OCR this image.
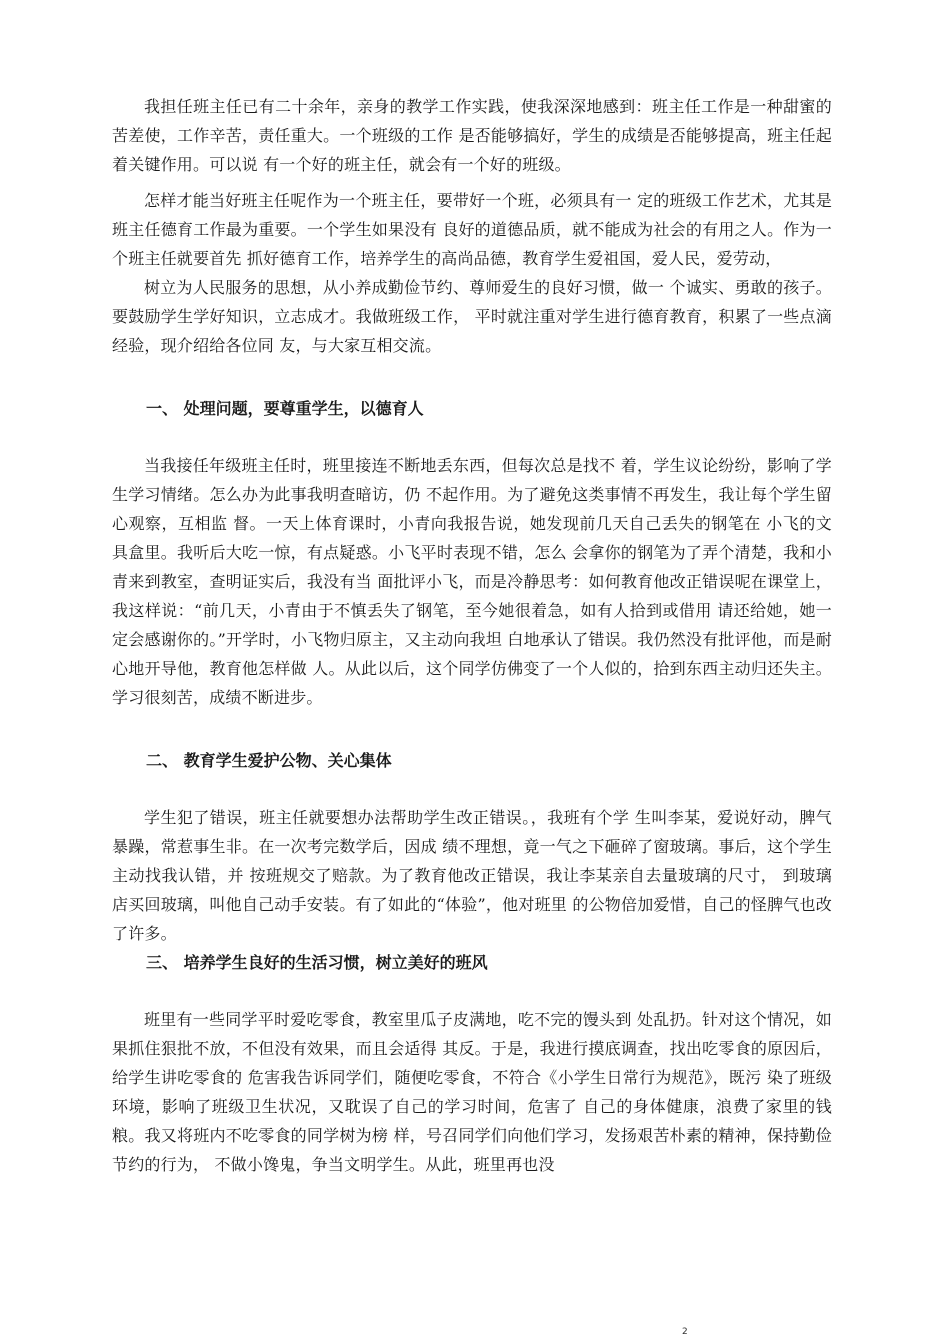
我担任班主任已有二十余年，亲身的教学工作实践，使我深深地感到：班主任工作是一种甜蜜的苦差使，工作辛苦，责任重大。一个班级的工作 是否能够搞好，学生的成绩是否能够提高，班主任起着关键作用。可以说 有一个好的班主任，就会有一个好的班级。

怎样才能当好班主任呢作为一个班主任，要带好一个班，必须具有一 定的班级工作艺术，尤其是班主任德育工作最为重要。一个学生如果没有 良好的道德品质，就不能成为社会的有用之人。作为一个班主任就要首先 抓好德育工作，培养学生的高尚品德，教育学生爱祖国，爱人民，爱劳动，

树立为人民服务的思想，从小养成勤俭节约、尊师爱生的良好习惯，做一 个诚实、勇敢的孩子。要鼓励学生学好知识，立志成才。我做班级工作， 平时就注重对学生进行德育教育，积累了一些点滴经验，现介绍给各位同 友，与大家互相交流。

一、 处理问题，要尊重学生，以德育人

当我接任年级班主任时，班里接连不断地丢东西，但每次总是找不 着，学生议论纷纷，影响了学生学习情绪。怎么办为此事我明查暗访，仍 不起作用。为了避免这类事情不再发生，我让每个学生留心观察，互相监 督。一天上体育课时，小青向我报告说，她发现前几天自己丢失的钢笔在 小飞的文具盒里。我听后大吃一惊，有点疑惑。小飞平时表现不错，怎么 会拿你的钢笔为了弄个清楚，我和小青来到教室，查明证实后，我没有当 面批评小飞，而是冷静思考：如何教育他改正错误呢在课堂上，我这样说：“前几天，小青由于不慎丢失了钢笔，至今她很着急，如有人拾到或借用 请还给她，她一定会感谢你的。”开学时，小飞物归原主，又主动向我坦 白地承认了错误。我仍然没有批评他，而是耐心地开导他，教育他怎样做 人。从此以后，这个同学仿佛变了一个人似的，拾到东西主动归还失主。 学习很刻苦，成绩不断进步。

二、 教育学生爱护公物、关心集体

学生犯了错误，班主任就要想办法帮助学生改正错误。，我班有个学 生叫李某，爱说好动，脾气暴躁，常惹事生非。在一次考完数学后，因成 绩不理想，竟一气之下砸碎了窗玻璃。事后，这个学生主动找我认错，并 按班规交了赔款。为了教育他改正错误，我让李某亲自去量玻璃的尺寸， 到玻璃店买回玻璃，叫他自己动手安装。有了如此的“体验”，他对班里 的公物倍加爱惜，自己的怪脾气也改了许多。

三、 培养学生良好的生活习惯，树立美好的班风

班里有一些同学平时爱吃零食，教室里瓜子皮满地，吃不完的馒头到 处乱扔。针对这个情况，如果抓住狠批不放，不但没有效果，而且会适得 其反。于是，我进行摸底调查，找出吃零食的原因后，给学生讲吃零食的 危害我告诉同学们，随便吃零食，不符合《小学生日常行为规范》，既污 染了班级环境，影响了班级卫生状况，又耽误了自己的学习时间，危害了 自己的身体健康，浪费了家里的钱粮。我又将班内不吃零食的同学树为榜 样，号召同学们向他们学习，发扬艰苦朴素的精神，保持勤俭节约的行为， 不做小馋鬼，争当文明学生。从此，班里再也没

2
